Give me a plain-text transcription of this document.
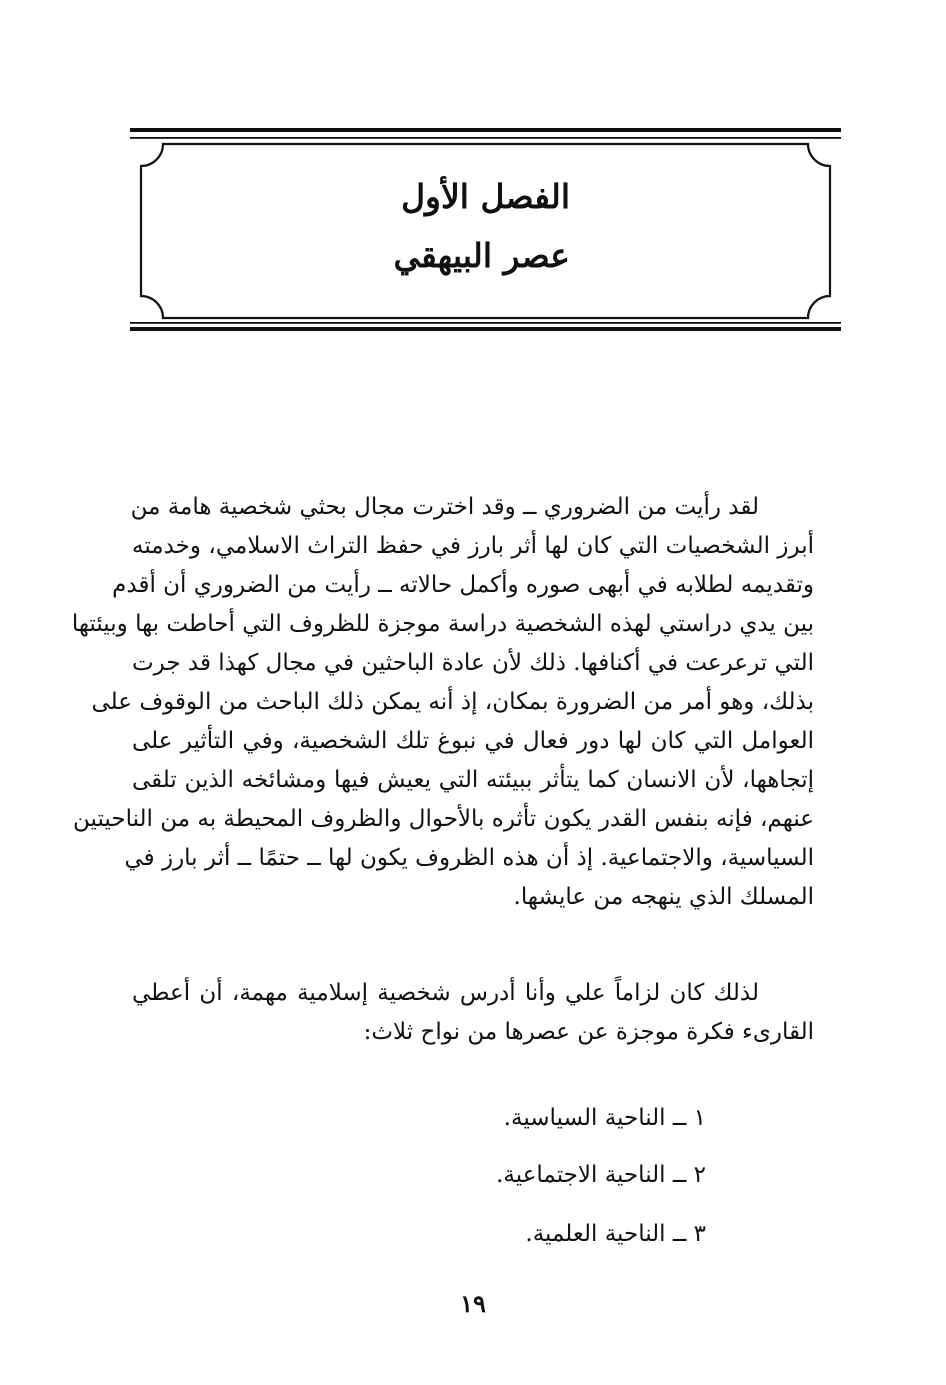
الفصل الأول
عصر البيهقي
لقد رأيت من الضروري ــ وقد اخترت مجال بحثي شخصية هامة من
أبرز الشخصيات التي كان لها أثر بارز في حفظ التراث الاسلامي، وخدمته
وتقديمه لطلابه في أبهى صوره وأكمل حالاته ــ رأيت من الضروري أن أقدم
بين يدي دراستي لهذه الشخصية دراسة موجزة للظروف التي أحاطت بها وبيئتها
التي ترعرعت في أكنافها. ذلك لأن عادة الباحثين في مجال كهذا قد جرت
بذلك، وهو أمر من الضرورة بمكان، إذ أنه يمكن ذلك الباحث من الوقوف على
العوامل التي كان لها دور فعال في نبوغ تلك الشخصية، وفي التأثير على
إتجاهها، لأن الانسان كما يتأثر ببيئته التي يعيش فيها ومشائخه الذين تلقى
عنهم، فإنه بنفس القدر يكون تأثره بالأحوال والظروف المحيطة به من الناحيتين
السياسية، والاجتماعية. إذ أن هذه الظروف يكون لها ــ حتمًا ــ أثر بارز في
المسلك الذي ينهجه من عايشها.
لذلك كان لزاماً علي وأنا أدرس شخصية إسلامية مهمة، أن أعطي
القارىء فكرة موجزة عن عصرها من نواح ثلاث:
١ ــ الناحية السياسية.
٢ ــ الناحية الاجتماعية.
٣ ــ الناحية العلمية.
١٩
